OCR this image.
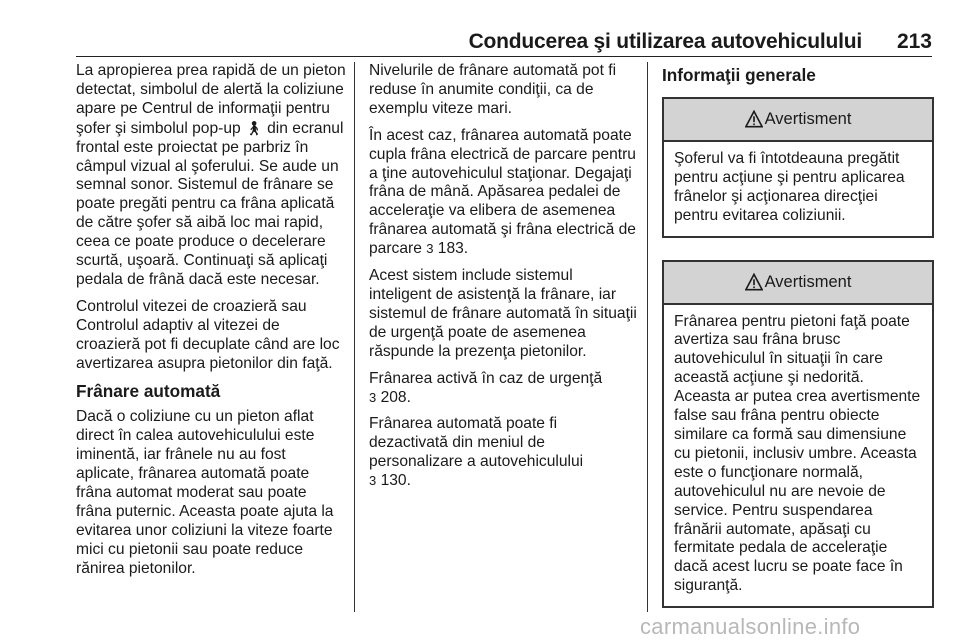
Conducerea şi utilizarea autovehiculului 213

La apropierea prea rapidă de un pieton detectat, simbolul de alertă la coliziune apare pe Centrul de informaţii pentru şofer şi simbolul pop-up 🚶︎ din ecranul frontal este proiectat pe parbriz în câmpul vizual al şoferului. Se aude un semnal sonor. Sistemul de frânare se poate pregăti pentru ca frâna aplicată de către şofer să aibă loc mai rapid, ceea ce poate produce o decelerare scurtă, uşoară. Continuaţi să aplicaţi pedala de frână dacă este necesar.

Controlul vitezei de croazieră sau Controlul adaptiv al vitezei de croazieră pot fi decuplate când are loc avertizarea asupra pietonilor din faţă.

Frânare automată

Dacă o coliziune cu un pieton aflat direct în calea autovehiculului este iminentă, iar frânele nu au fost aplicate, frânarea automată poate frâna automat moderat sau poate frâna puternic. Aceasta poate ajuta la evitarea unor coliziuni la viteze foarte mici cu pietonii sau poate reduce rănirea pietonilor.

Nivelurile de frânare automată pot fi reduse în anumite condiţii, ca de exemplu viteze mari.

În acest caz, frânarea automată poate cupla frâna electrică de parcare pentru a ţine autovehiculul staţionar. Degajaţi frâna de mână. Apăsarea pedalei de acceleraţie va elibera de asemenea frânarea automată şi frâna electrică de parcare 3 183.

Acest sistem include sistemul inteligent de asistenţă la frânare, iar sistemul de frânare automată în situaţii de urgenţă poate de asemenea răspunde la prezenţa pietonilor.

Frânarea activă în caz de urgenţă
3 208.

Frânarea automată poate fi dezactivată din meniul de personalizare a autovehiculului
3 130.

Informaţii generale
Avertisment
Şoferul va fi întotdeauna pregătit pentru acţiune şi pentru aplicarea frânelor şi acţionarea direcţiei pentru evitarea coliziunii.
Avertisment
Frânarea pentru pietoni faţă poate avertiza sau frâna brusc autovehiculul în situaţii în care această acţiune şi nedorită. Aceasta ar putea crea avertismente false sau frâna pentru obiecte similare ca formă sau dimensiune cu pietonii, inclusiv umbre. Aceasta este o funcţionare normală, autovehiculul nu are nevoie de service. Pentru suspendarea frânării automate, apăsaţi cu fermitate pedala de acceleraţie dacă acest lucru se poate face în siguranţă.
carmanualsonline.info
